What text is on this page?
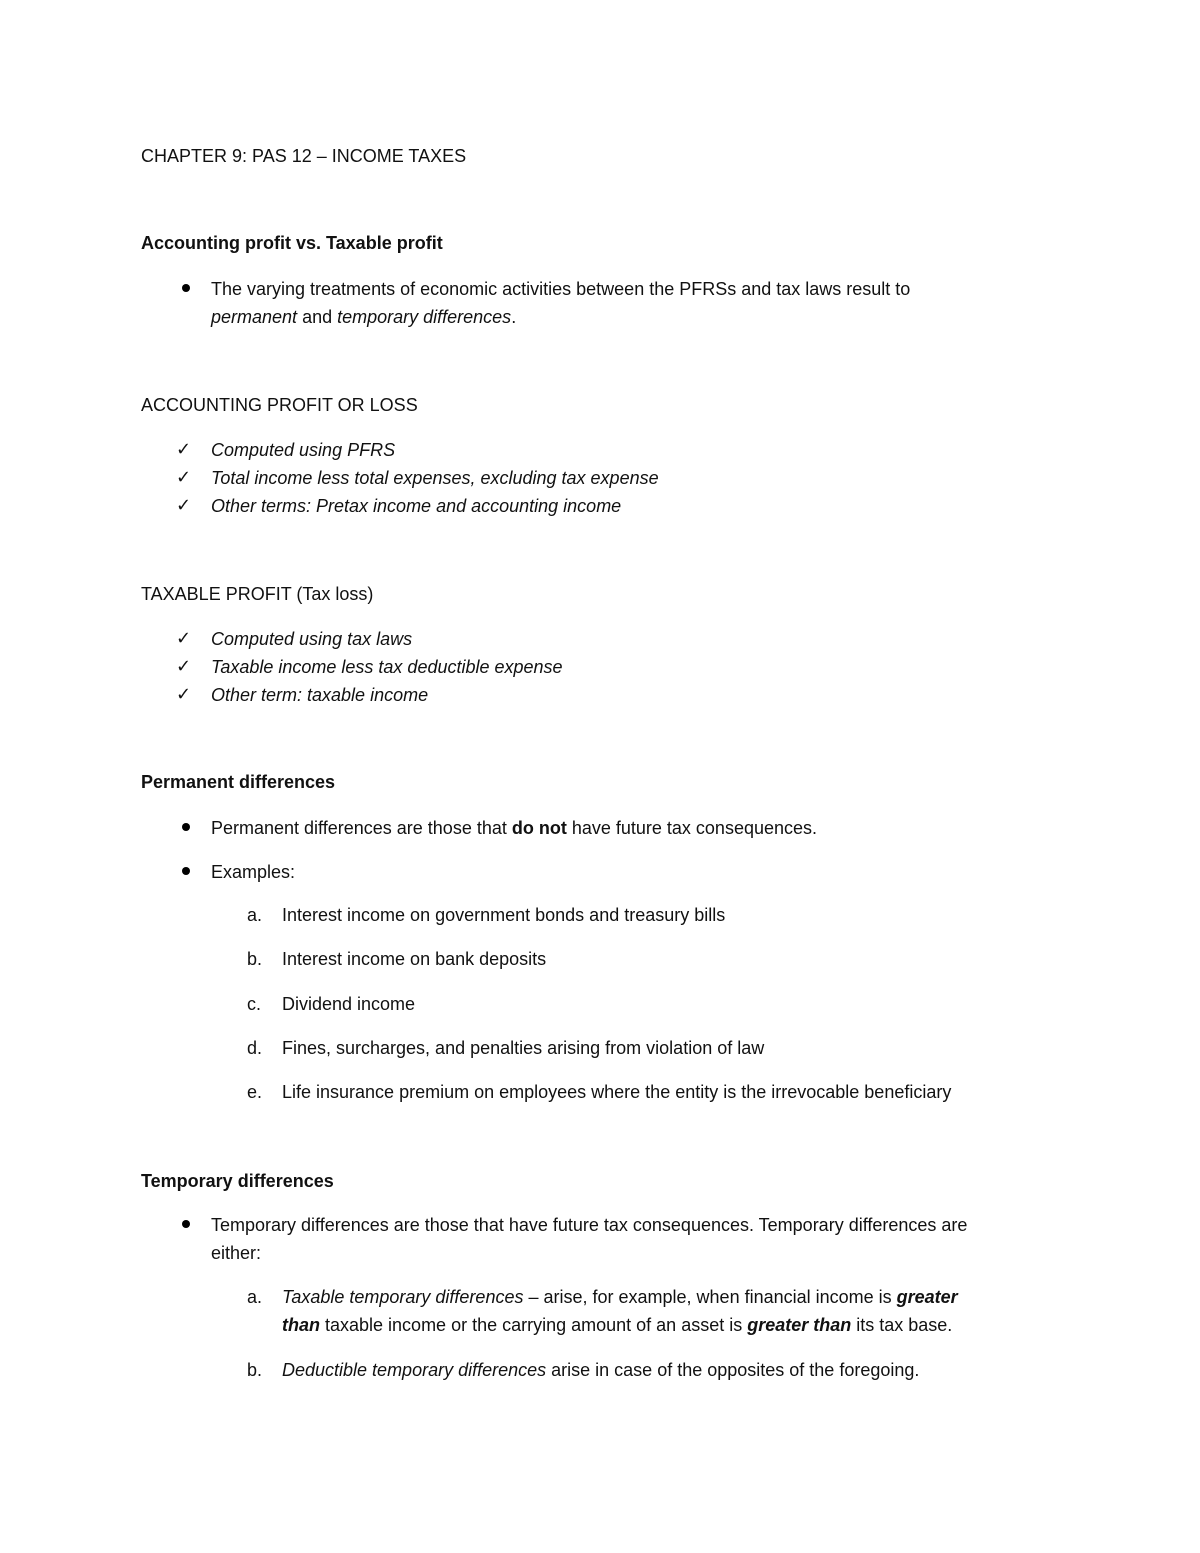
CHAPTER 9: PAS 12 – INCOME TAXES
Accounting profit vs. Taxable profit
The varying treatments of economic activities between the PFRSs and tax laws result to
permanent and temporary differences.
ACCOUNTING PROFIT OR LOSS
✓ Computed using PFRS
✓ Total income less total expenses, excluding tax expense
✓ Other terms: Pretax income and accounting income
TAXABLE PROFIT (Tax loss)
✓ Computed using tax laws
✓ Taxable income less tax deductible expense
✓ Other term: taxable income
Permanent differences
Permanent differences are those that do not have future tax consequences.
Examples:
a. Interest income on government bonds and treasury bills
b. Interest income on bank deposits
c. Dividend income
d. Fines, surcharges, and penalties arising from violation of law
e. Life insurance premium on employees where the entity is the irrevocable beneficiary
Temporary differences
Temporary differences are those that have future tax consequences. Temporary differences are
either:
a. Taxable temporary differences – arise, for example, when financial income is greater
than taxable income or the carrying amount of an asset is greater than its tax base.
b. Deductible temporary differences arise in case of the opposites of the foregoing.
